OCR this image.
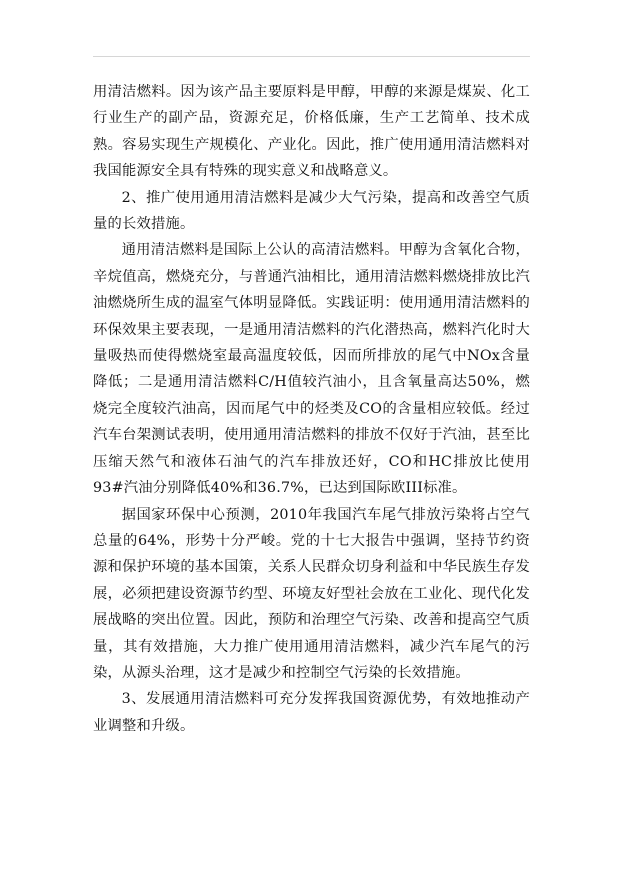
用清洁燃料。因为该产品主要原料是甲醇，甲醇的来源是煤炭、化工行业生产的副产品，资源充足，价格低廉，生产工艺简单、技术成熟。容易实现生产规模化、产业化。因此，推广使用通用清洁燃料对我国能源安全具有特殊的现实意义和战略意义。

2、推广使用通用清洁燃料是减少大气污染，提高和改善空气质量的长效措施。

通用清洁燃料是国际上公认的高清洁燃料。甲醇为含氧化合物，辛烷值高，燃烧充分，与普通汽油相比，通用清洁燃料燃烧排放比汽油燃烧所生成的温室气体明显降低。实践证明：使用通用清洁燃料的环保效果主要表现，一是通用清洁燃料的汽化潜热高，燃料汽化时大量吸热而使得燃烧室最高温度较低，因而所排放的尾气中NOx含量降低；二是通用清洁燃料C/H值较汽油小，且含氧量高达50%，燃烧完全度较汽油高，因而尾气中的烃类及CO的含量相应较低。经过汽车台架测试表明，使用通用清洁燃料的排放不仅好于汽油，甚至比压缩天然气和液体石油气的汽车排放还好，CO和HC排放比使用93#汽油分别降低40%和36.7%，已达到国际欧III标准。

据国家环保中心预测，2010年我国汽车尾气排放污染将占空气总量的64%，形势十分严峻。党的十七大报告中强调，坚持节约资源和保护环境的基本国策，关系人民群众切身利益和中华民族生存发展，必须把建设资源节约型、环境友好型社会放在工业化、现代化发展战略的突出位置。因此，预防和治理空气污染、改善和提高空气质量，其有效措施，大力推广使用通用清洁燃料，减少汽车尾气的污染，从源头治理，这才是减少和控制空气污染的长效措施。

3、发展通用清洁燃料可充分发挥我国资源优势，有效地推动产业调整和升级。
